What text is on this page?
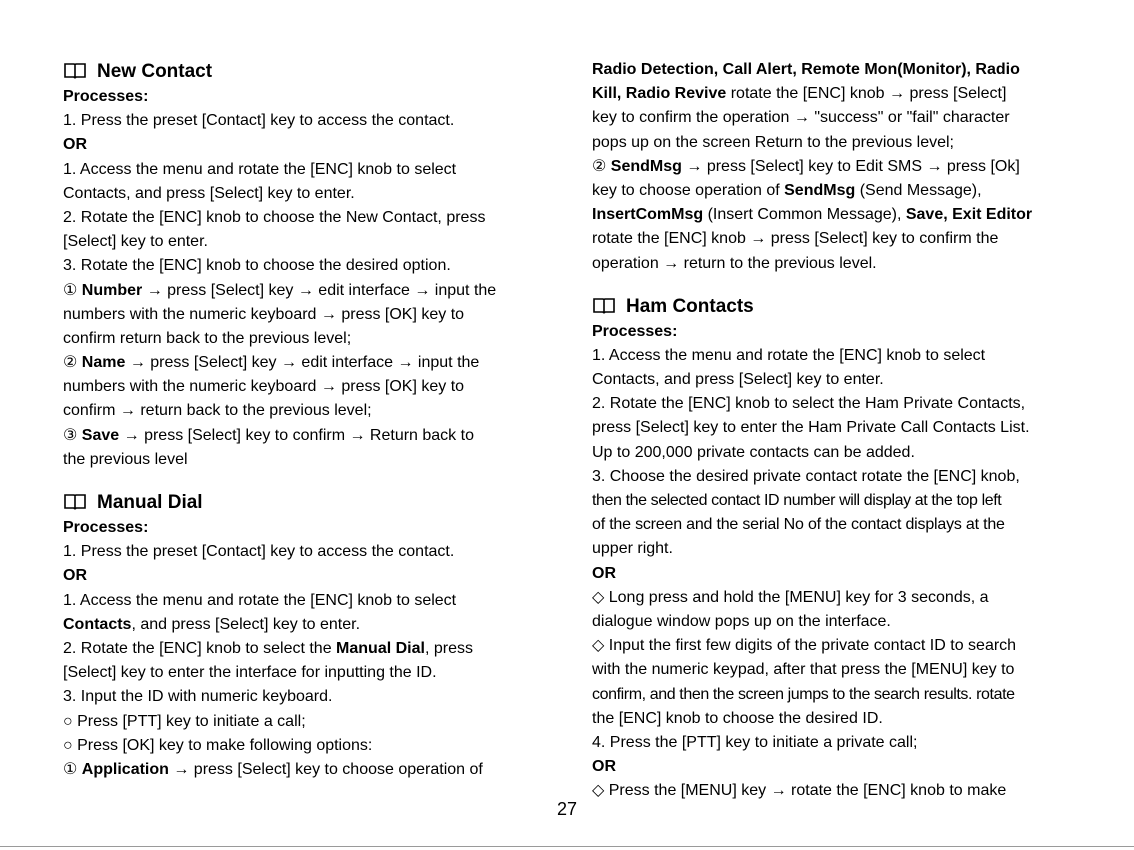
New Contact
Processes:
1. Press the preset [Contact] key to access the contact.
OR
1. Access the menu and rotate the [ENC] knob to select
Contacts, and press [Select] key to enter.
2. Rotate the [ENC] knob to choose the New Contact, press
[Select] key to enter.
3. Rotate the [ENC] knob to choose the desired option.
① Number → press [Select] key → edit interface → input the
numbers with the numeric keyboard → press [OK] key to
confirm return back to the previous level;
② Name → press [Select] key → edit interface → input the
numbers with the numeric keyboard → press [OK] key to
confirm → return back to the previous level;
③ Save → press [Select] key to confirm → Return back to
the previous level
Manual Dial
Processes:
1. Press the preset [Contact] key to access the contact.
OR
1. Access the menu and rotate the [ENC] knob to select
Contacts, and press [Select] key to enter.
2. Rotate the [ENC] knob to select the Manual Dial, press
[Select] key to enter the interface for inputting the ID.
3. Input the ID with numeric keyboard.
○ Press [PTT] key to initiate a call;
○ Press [OK] key to make following options:
① Application → press [Select] key to choose operation of
Radio Detection, Call Alert, Remote Mon(Monitor), Radio
Kill, Radio Revive rotate the [ENC] knob → press [Select]
key to confirm the operation → "success" or "fail" character
pops up on the screen Return to the previous level;
② SendMsg → press [Select] key to Edit SMS → press [Ok]
key to choose operation of SendMsg (Send Message),
InsertComMsg (Insert Common Message), Save, Exit Editor
rotate the [ENC] knob → press [Select] key to confirm the
operation → return to the previous level.
Ham Contacts
Processes:
1. Access the menu and rotate the [ENC] knob to select
Contacts, and press [Select] key to enter.
2. Rotate the [ENC] knob to select the Ham Private Contacts,
press [Select] key to enter the Ham Private Call Contacts List.
Up to 200,000 private contacts can be added.
3. Choose the desired private contact rotate the [ENC] knob,
then the selected contact ID number will display at the top left
of the screen and the serial No of the contact displays at the
upper right.
OR
◇ Long press and hold the [MENU] key for 3 seconds, a
dialogue window pops up on the interface.
◇ Input the first few digits of the private contact ID to search
with the numeric keypad, after that press the [MENU] key to
confirm, and then the screen jumps to the search results. rotate
the [ENC] knob to choose the desired ID.
4. Press the [PTT] key to initiate a private call;
OR
◇ Press the [MENU] key → rotate the [ENC] knob to make
27
